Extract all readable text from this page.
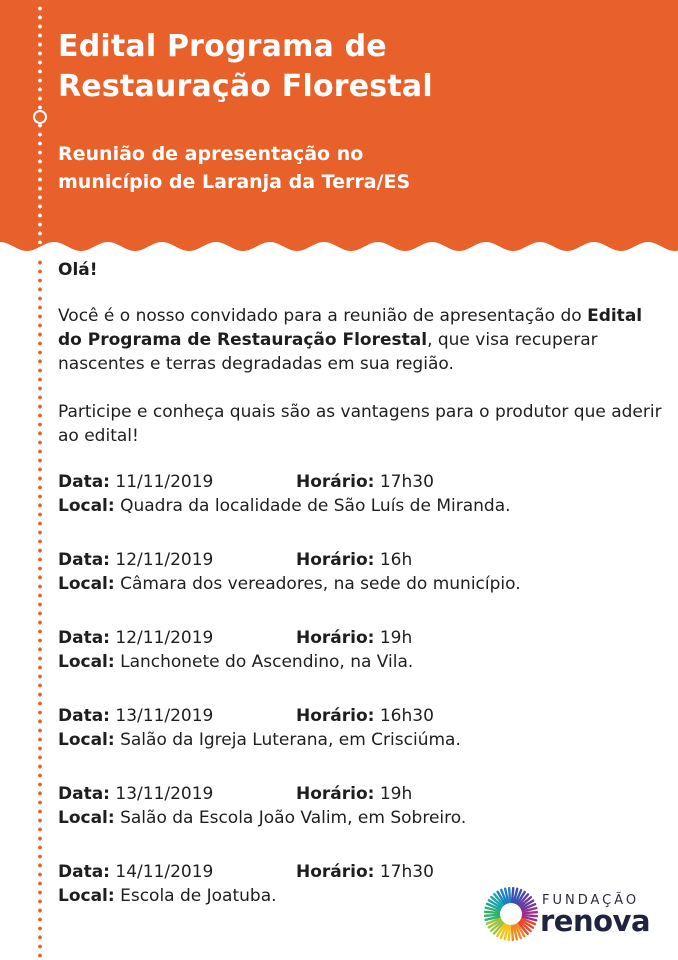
Edital Programa de
Restauração Florestal
Reunião de apresentação no
município de Laranja da Terra/ES

Olá!

Você é o nosso convidado para a reunião de apresentação do Edital do Programa de Restauração Florestal, que visa recuperar nascentes e terras degradadas em sua região.

Participe e conheça quais são as vantagens para o produtor que aderir ao edital!

Data: 11/11/2019	Horário: 17h30
Local: Quadra da localidade de São Luís de Miranda.
Data: 12/11/2019	Horário: 16h
Local: Câmara dos vereadores, na sede do município.
Data: 12/11/2019	Horário: 19h
Local: Lanchonete do Ascendino, na Vila.
Data: 13/11/2019	Horário: 16h30
Local: Salão da Igreja Luterana, em Crisciúma.
Data: 13/11/2019	Horário: 19h
Local: Salão da Escola João Valim, em Sobreiro.
Data: 14/11/2019	Horário: 17h30
Local: Escola de Joatuba.	FUNDAÇÃO
renova
